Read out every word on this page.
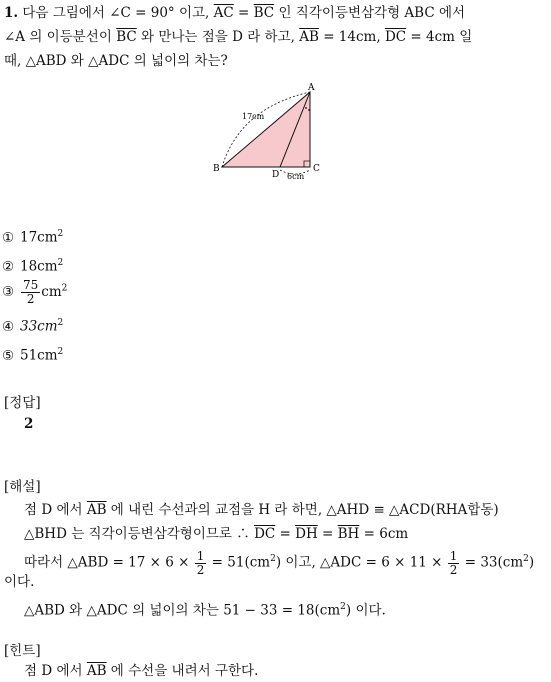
1. 다음 그림에서 ∠C = 90° 이고, $\overline{AC} = \overline{BC}$ 인 직각이등변삼각형 ABC 에서
∠A 의 이등분선이 $\overline{BC}$ 와 만나는 점을 D 라 하고, $\overline{AB} = 14cm$, $\overline{DC} = 4cm$ 일
때, △ABD 와 △ADC 의 넓이의 차는?
A
B	C
D
17cm
6cm
① $17cm^2$
② $18cm^2$
③ $\frac{75}{2} cm^2$
④ $33cm^2$
⑤ $51cm^2$
[정답]
2
[해설]
점 D 에서 $\overline{AB}$ 에 내린 수선과의 교점을 H 라 하면, △AHD ≡ △ACD(RHA합동)
△BHD 는 직각이등변삼각형이므로 ∴ $\overline{DC} = \overline{DH} = \overline{BH} = 6cm$
따라서 △ABD = $17 \times 6 \times \frac{1}{2} = 51(cm^2)$ 이고, △ADC = $6 \times 11 \times \frac{1}{2} = 33(cm^2)$
이다.
△ABD 와 △ADC 의 넓이의 차는 $51 - 33 = 18(cm^2)$ 이다.
[힌트]
점 D 에서 $\overline{AB}$ 에 수선을 내려서 구한다.
